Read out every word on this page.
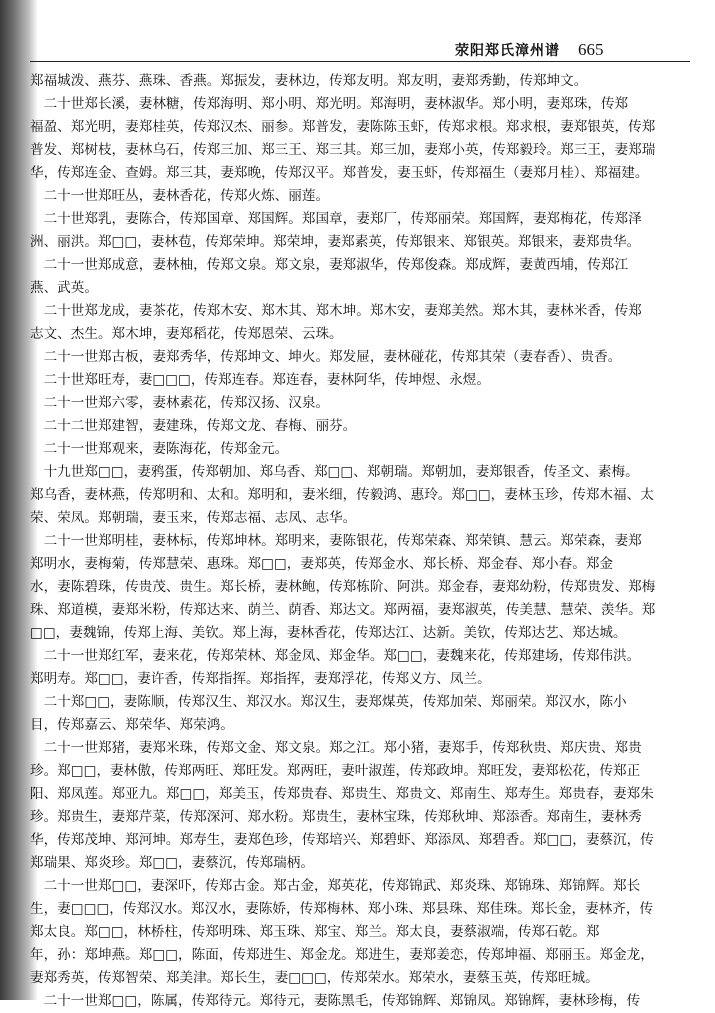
荥阳郑氏漳州谱 665
郑福城泼、燕芬、燕珠、香燕。郑振发，妻林边，传郑友明。郑友明，妻郑秀勤，传郑坤文。
　二十世郑长溪，妻林糖，传郑海明、郑小明、郑光明。郑海明，妻林淑华。郑小明，妻郑珠，传郑
福盈、郑光明，妻郑桂英，传郑汉杰、丽参。郑普发，妻陈陈玉虾，传郑求根。郑求根，妻郑银英，传郑
普发、郑树枝，妻林乌石，传郑三加、郑三王、郑三其。郑三加，妻郑小英，传郑毅玲。郑三王，妻郑瑞
华，传郑连金、查姆。郑三其，妻郑晚，传郑汉平。郑普发，妻玉虾，传郑福生（妻郑月桂）、郑福建。
　二十一世郑旺丛，妻林香花，传郑火炼、丽莲。
　二十世郑乳，妻陈合，传郑国章、郑国辉。郑国章，妻郑厂，传郑丽荣。郑国辉，妻郑梅花，传郑泽
洲、丽洪。郑□□，妻林苞，传郑荣坤。郑荣坤，妻郑素英，传郑银来、郑银英。郑银来，妻郑贵华。
　二十一世郑成意，妻林柚，传郑文泉。郑文泉，妻郑淑华，传郑俊森。郑成辉，妻黄西埔，传郑江
燕、武英。
　二十世郑龙成，妻茶花，传郑木安、郑木其、郑木坤。郑木安，妻郑美然。郑木其，妻林米香，传郑
志文、杰生。郑木坤，妻郑稻花，传郑恩荣、云珠。
　二十一世郑古板，妻郑秀华，传郑坤文、坤火。郑发屉，妻林碰花，传郑其荣（妻春香）、贵香。
　二十世郑旺寿，妻□□□，传郑连春。郑连春，妻林阿华，传坤煜、永煜。
　二十一世郑六零，妻林素花，传郑汉扬、汉泉。
　二十二世郑建智，妻建珠，传郑文龙、春梅、丽芬。
　二十一世郑观来，妻陈海花，传郑金元。
　十九世郑□□，妻鸦蛋，传郑朝加、郑乌香、郑□□、郑朝瑞。郑朝加，妻郑银香，传圣文、素梅。
郑乌香，妻林燕，传郑明和、太和。郑明和，妻米细，传毅鸿、惠玲。郑□□，妻林玉珍，传郑木福、太
荣、荣凤。郑朝瑞，妻玉来，传郑志福、志凤、志华。
　二十一世郑明桂，妻林标，传郑坤林。郑明来，妻陈银花，传郑荣森、郑荣镇、慧云。郑荣森，妻郑
郑明水，妻梅菊，传郑慧荣、惠珠。郑□□，妻郑英，传郑金水、郑长桥、郑金春、郑小春。郑金
水，妻陈碧珠，传贵茂、贵生。郑长桥，妻林鲍，传郑栋阶、阿洪。郑金春，妻郑幼粉，传郑贵发、郑梅
珠、郑道模，妻郑米粉，传郑达来、荫兰、荫香、郑达文。郑两福，妻郑淑英，传美慧、慧荣、羡华。郑
□□，妻魏锦，传郑上海、美钦。郑上海，妻林香花，传郑达江、达新。美钦，传郑达艺、郑达城。
　二十一世郑红军，妻来花，传郑荣林、郑金凤、郑金华。郑□□，妻魏来花，传郑建场，传郑伟洪。
郑明寿。郑□□，妻许香，传郑指挥。郑指挥，妻郑浮花，传郑义方、凤兰。
　二十郑□□，妻陈顺，传郑汉生、郑汉水。郑汉生，妻郑煤英，传郑加荣、郑丽荣。郑汉水，陈小
目，传郑嘉云、郑荣华、郑荣鸿。
　二十一世郑猪，妻郑米珠，传郑文金、郑文泉。郑之江。郑小猪，妻郑手，传郑秋贵、郑庆贵、郑贵
珍。郑□□，妻林傲，传郑两旺、郑旺发。郑两旺，妻叶淑莲，传郑政坤。郑旺发，妻郑松花，传郑正
阳、郑凤莲。郑亚九。郑□□，郑美玉，传郑贵春、郑贵生、郑贵文、郑南生、郑寿生。郑贵春，妻郑朱
珍。郑贵生，妻郑芹菜，传郑深河、郑水粉。郑贵生，妻林宝珠，传郑秋坤、郑添香。郑南生，妻林秀
华，传郑茂坤、郑河坤。郑寿生，妻郑色珍，传郑培兴、郑碧虾、郑添凤、郑碧香。郑□□，妻蔡沉，传
郑瑞果、郑炎珍。郑□□，妻蔡沉，传郑瑞柄。
　二十一世郑□□，妻深吓，传郑古金。郑古金，郑英花，传郑锦武、郑炎珠、郑锦珠、郑锦辉。郑长
生，妻□□□，传郑汉水。郑汉水，妻陈娇，传郑梅林、郑小珠、郑县珠、郑佳珠。郑长金，妻林齐，传
郑太良。郑□□，林桥柱，传郑明珠、郑玉珠、郑宝、郑兰。郑太良，妻蔡淑端，传郑石乾。郑
年，孙：郑坤燕。郑□□，陈面，传郑进生、郑金龙。郑进生，妻郑姜恋，传郑坤福、郑丽玉。郑金龙，
妻郑秀英，传郑智荣、郑美津。郑长生，妻□□□，传郑荣水。郑荣水，妻蔡玉英，传郑旺城。
　二十一世郑□□，陈属，传郑待元。郑待元，妻陈黑毛，传郑锦辉、郑锦凤。郑锦辉，妻林珍梅，传
